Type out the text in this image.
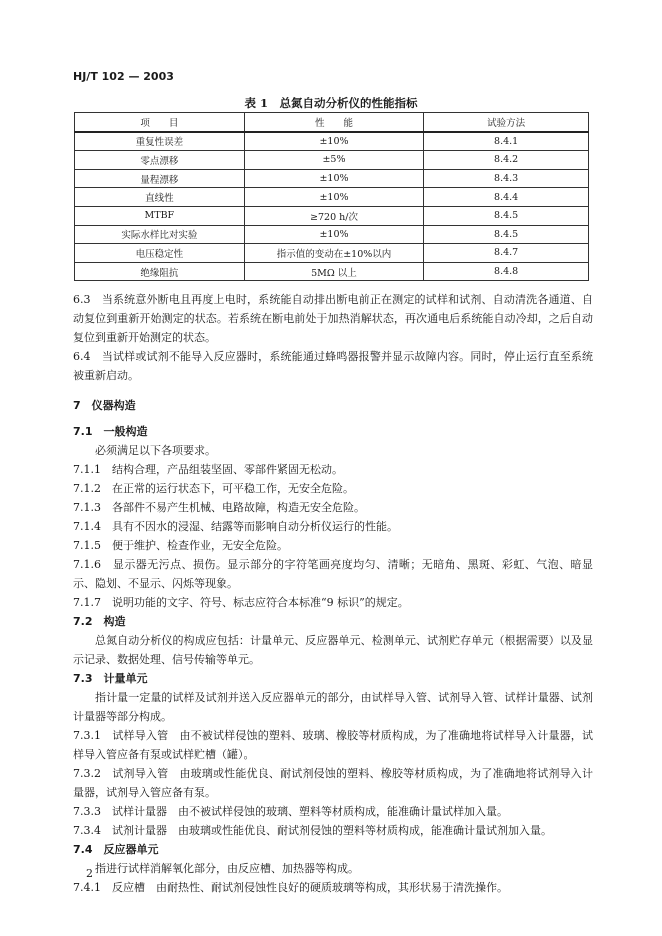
HJ/T 102 — 2003
表 1　总氮自动分析仪的性能指标
项　　目	性　　能	试验方法
重复性误差	±10%	8.4.1
零点漂移	±5%	8.4.2
量程漂移	±10%	8.4.3
直线性	±10%	8.4.4
MTBF	≥720 h/次	8.4.5
实际水样比对实验	±10%	8.4.5
电压稳定性	指示值的变动在±10%以内	8.4.7
绝缘阻抗	5MΩ 以上	8.4.8

6.3　当系统意外断电且再度上电时，系统能自动排出断电前正在测定的试样和试剂、自动清洗各通道、自动复位到重新开始测定的状态。若系统在断电前处于加热消解状态，再次通电后系统能自动冷却，之后自动复位到重新开始测定的状态。

6.4　当试样或试剂不能导入反应器时，系统能通过蜂鸣器报警并显示故障内容。同时，停止运行直至系统被重新启动。

7　仪器构造

7.1　一般构造

必须满足以下各项要求。

7.1.1　结构合理，产品组装坚固、零部件紧固无松动。

7.1.2　在正常的运行状态下，可平稳工作，无安全危险。

7.1.3　各部件不易产生机械、电路故障，构造无安全危险。

7.1.4　具有不因水的浸湿、结露等而影响自动分析仪运行的性能。

7.1.5　便于维护、检查作业，无安全危险。

7.1.6　显示器无污点、损伤。显示部分的字符笔画亮度均匀、清晰；无暗角、黑斑、彩虹、气泡、暗显示、隐划、不显示、闪烁等现象。

7.1.7　说明功能的文字、符号、标志应符合本标准“9 标识”的规定。

7.2　构造

总氮自动分析仪的构成应包括：计量单元、反应器单元、检测单元、试剂贮存单元（根据需要）以及显示记录、数据处理、信号传输等单元。

7.3　计量单元

指计量一定量的试样及试剂并送入反应器单元的部分，由试样导入管、试剂导入管、试样计量器、试剂计量器等部分构成。

7.3.1　试样导入管　由不被试样侵蚀的塑料、玻璃、橡胶等材质构成，为了准确地将试样导入计量器，试样导入管应备有泵或试样贮槽（罐）。

7.3.2　试剂导入管　由玻璃或性能优良、耐试剂侵蚀的塑料、橡胶等材质构成，为了准确地将试剂导入计量器，试剂导入管应备有泵。

7.3.3　试样计量器　由不被试样侵蚀的玻璃、塑料等材质构成，能准确计量试样加入量。

7.3.4　试剂计量器　由玻璃或性能优良、耐试剂侵蚀的塑料等材质构成，能准确计量试剂加入量。

7.4　反应器单元

指进行试样消解氧化部分，由反应槽、加热器等构成。

7.4.1　反应槽　由耐热性、耐试剂侵蚀性良好的硬质玻璃等构成，其形状易于清洗操作。

2
